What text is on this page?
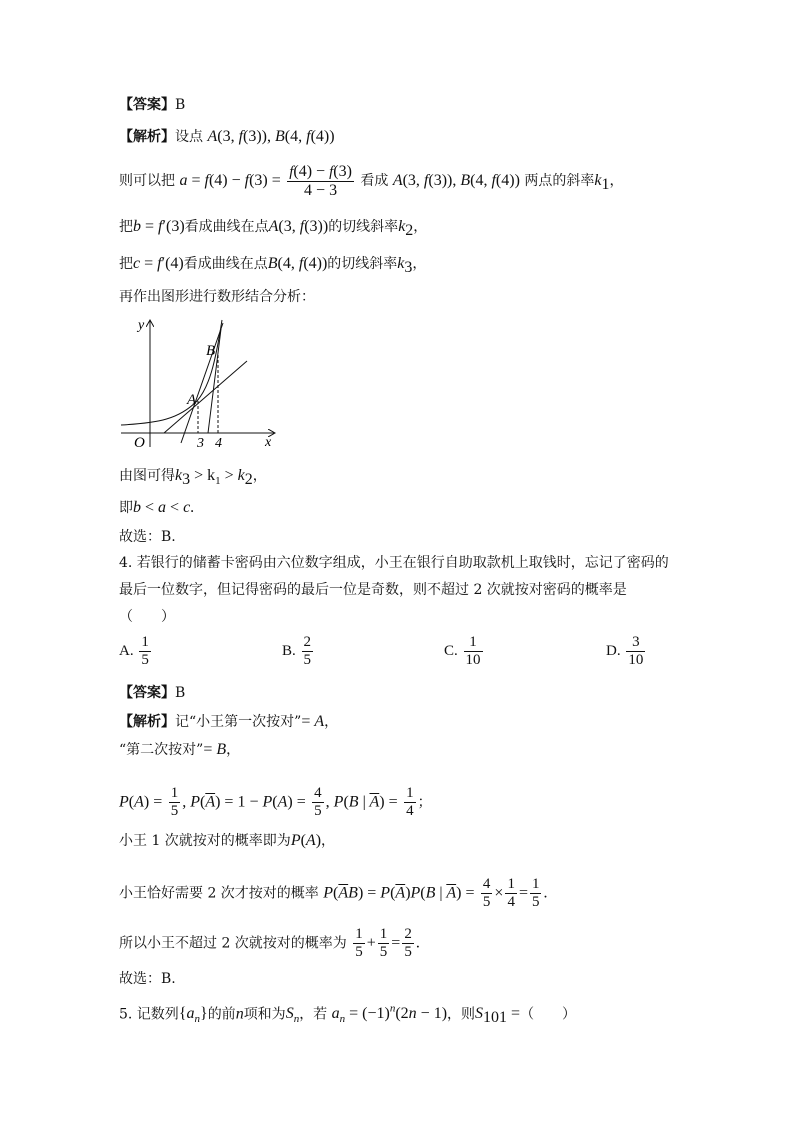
【答案】B
【解析】设点 A(3, f(3)), B(4, f(4))
则可以把 $a = f(4) - f(3) = \frac{f(4) - f(3)}{4 - 3}$ 看成 A(3, f(3)), B(4, f(4)) 两点的斜率$k_1$，
把b = f′(3)看成曲线在点A(3, f(3))的切线斜率$k_2$，
把c = f′(4)看成曲线在点B(4, f(4))的切线斜率$k_3$，
再作出图形进行数形结合分析：
y
x
O
A
B
3 4
由图可得$k_3 > k_1 > k_2$，
即b < a < c.
故选：B.
4. 若银行的储蓄卡密码由六位数字组成，小王在银行自助取款机上取钱时，忘记了密码的
最后一位数字，但记得密码的最后一位是奇数，则不超过 2 次就按对密码的概率是
（　　）
A. $\frac{1}{5}$	B. $\frac{2}{5}$	C. $\frac{1}{10}$	D. $\frac{3}{10}$
【答案】B
【解析】记“小王第一次按对”= A，
“第二次按对”= B，
$P(A) = \frac{1}{5}$ , $P(\overline{A}) = 1 - P(A) = \frac{4}{5}$ , P(B | $\overline{A}) = \frac{1}{4}$ ；
小王 1 次就按对的概率即为P(A)，
小王恰好需要 2 次才按对的概率 $P(\overline{A}B) = P(\overline{A})P(B$ | $\overline{A}) = \frac{4}{5} \times \frac{1}{4} = \frac{1}{5}$ .
所以小王不超过 2 次就按对的概率为 $\frac{1}{5} + \frac{1}{5} = \frac{2}{5}$ .
故选：B.
5. 记数列$\{a_n\}$的前n项和为$S_n$，若 $a_n = (-1)^n(2n - 1)$，则$S_{101}$ =（　　）
